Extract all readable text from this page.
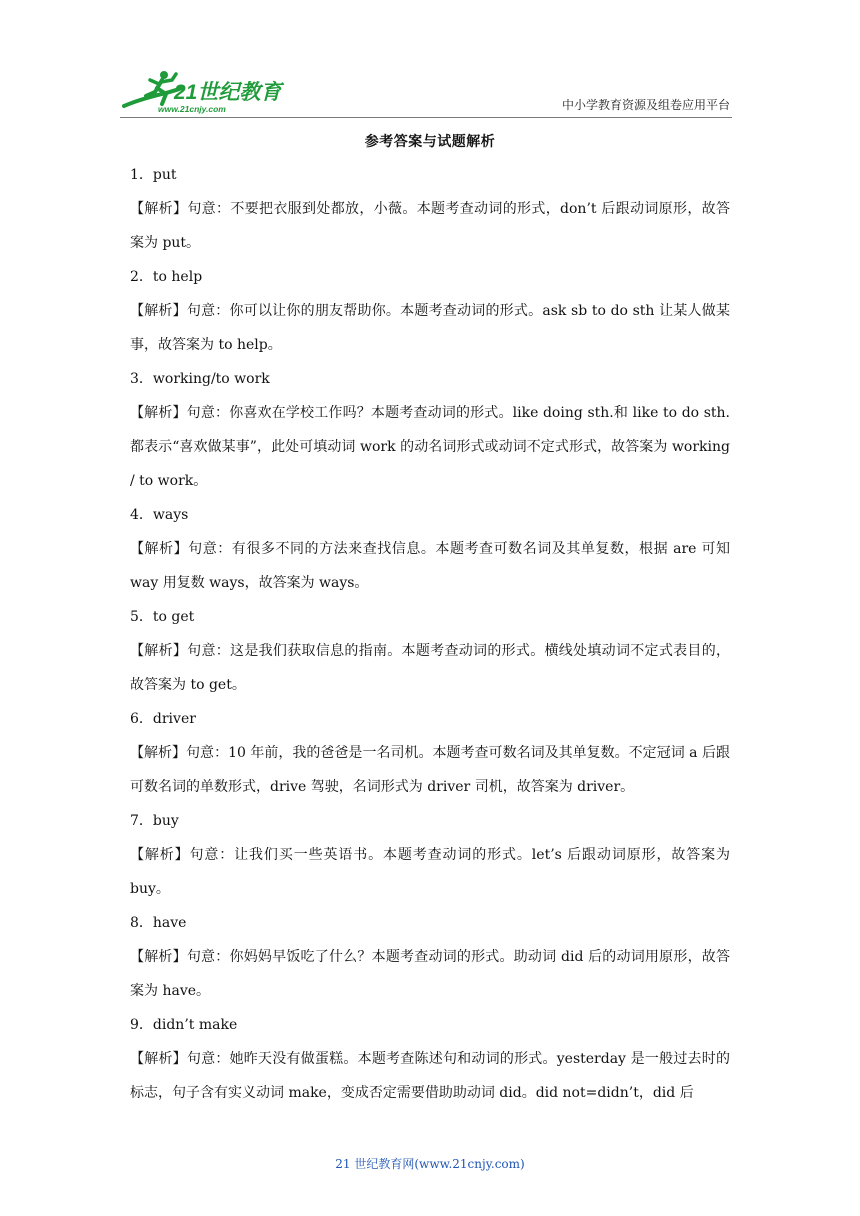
21世纪教育
www.21cnjy.com	中小学教育资源及组卷应用平台
参考答案与试题解析
1．put
【解析】句意：不要把衣服到处都放，小薇。本题考查动词的形式，don’t 后跟动词原形，故答案为 put。
2．to help
【解析】句意：你可以让你的朋友帮助你。本题考查动词的形式。ask sb to do sth 让某人做某事，故答案为 to help。
3．working/to work
【解析】句意：你喜欢在学校工作吗？本题考查动词的形式。like doing sth.和 like to do sth.都表示“喜欢做某事”，此处可填动词 work 的动名词形式或动词不定式形式，故答案为 working / to work。
4．ways
【解析】句意：有很多不同的方法来查找信息。本题考查可数名词及其单复数，根据 are 可知 way 用复数 ways，故答案为 ways。
5．to get
【解析】句意：这是我们获取信息的指南。本题考查动词的形式。横线处填动词不定式表目的，故答案为 to get。
6．driver
【解析】句意：10 年前，我的爸爸是一名司机。本题考查可数名词及其单复数。不定冠词 a 后跟可数名词的单数形式，drive 驾驶，名词形式为 driver 司机，故答案为 driver。
7．buy
【解析】句意：让我们买一些英语书。本题考查动词的形式。let’s 后跟动词原形，故答案为 buy。
8．have
【解析】句意：你妈妈早饭吃了什么？本题考查动词的形式。助动词 did 后的动词用原形，故答案为 have。
9．didn’t make
【解析】句意：她昨天没有做蛋糕。本题考查陈述句和动词的形式。yesterday 是一般过去时的标志，句子含有实义动词 make，变成否定需要借助助动词 did。did not=didn’t，did 后
21 世纪教育网(www.21cnjy.com)
